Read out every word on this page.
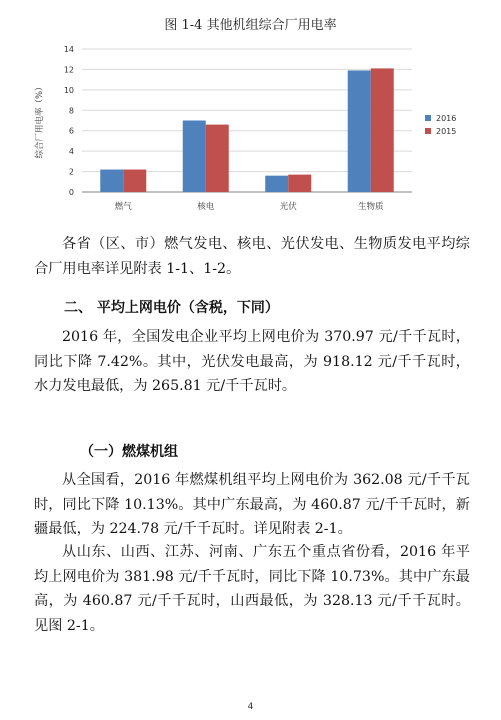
图 1-4 其他机组综合厂用电率
0
2
4
6
8
10
12
14
综合厂用电率（%）
燃气	核电	光伏	生物质
2016
2015

各省（区、市）燃气发电、核电、光伏发电、生物质发电平均综合厂用电率详见附表 1-1、1-2。

二、 平均上网电价（含税，下同）

2016 年，全国发电企业平均上网电价为 370.97 元/千千瓦时，同比下降 7.42%。其中，光伏发电最高，为 918.12 元/千千瓦时，水力发电最低，为 265.81 元/千千瓦时。

（一）燃煤机组

从全国看，2016 年燃煤机组平均上网电价为 362.08 元/千千瓦时，同比下降 10.13%。其中广东最高，为 460.87 元/千千瓦时，新疆最低，为 224.78 元/千千瓦时。详见附表 2-1。

从山东、山西、江苏、河南、广东五个重点省份看，2016 年平均上网电价为 381.98 元/千千瓦时，同比下降 10.73%。其中广东最高，为 460.87 元/千千瓦时，山西最低，为 328.13 元/千千瓦时。见图 2-1。

4
